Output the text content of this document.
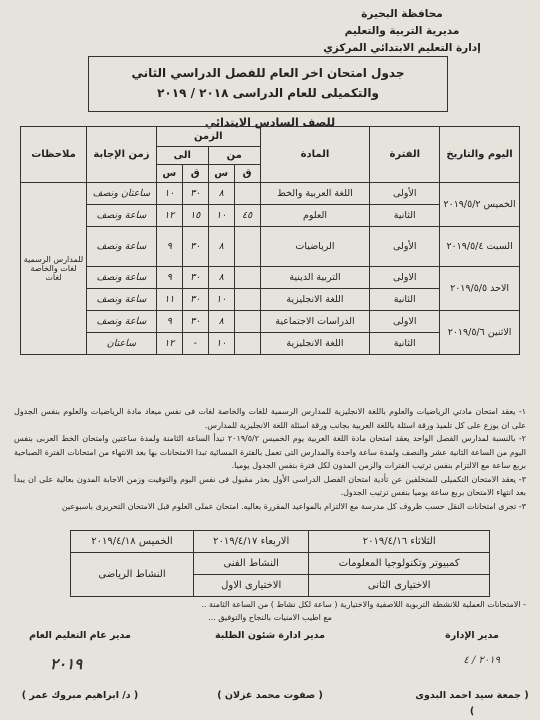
محافظة البحيرة
مديرية التربية والتعليم
إدارة التعليم الابتدائي المركزي
جدول امتحان اخر العام للفصل الدراسي الثاني
والتكميلى للعام الدراسى ٢٠١٨ / ٢٠١٩
للصف السادس الابتدائي
اليوم والتاريخ	الفترة	المادة	الزمن				زمن الإجابة	ملاحظات
			من		الى			
			ق	س	ق	س		
الخميس ٢٠١٩/٥/٢	الأولى	اللغة العربية والخط		٨	٣٠	١٠	ساعتان ونصف	للمدارس الرسمية لغات والخاصة لغات
	الثانية	العلوم	٤٥	١٠	١٥	١٢	ساعة ونصف	
السبت ٢٠١٩/٥/٤	الأولى	الرياضيات		٨	٣٠	٩	ساعة ونصف	
الاحد ٢٠١٩/٥/٥	الاولى	التربية الدينية		٨	٣٠	٩	ساعة ونصف	
	الثانية	اللغة الانجليزية		١٠	٣٠	١١	ساعة ونصف	
الاثنين ٢٠١٩/٥/٦	الاولى	الدراسات الاجتماعية		٨	٣٠	٩	ساعة ونصف	
	الثانية	اللغة الانجليزية		١٠	-	١٢	ساعتان	
١- يعقد امتحان مادتي الرياضيات والعلوم باللغة الانجليزية للمدارس الرسمية للغات والخاصة لغات فى نفس ميعاد مادة الرياضيات والعلوم بنفس الجدول على ان يوزع على كل تلميذ ورقة اسئلة باللغة العربية بجانب ورقة اسئلة اللغة الانجليزية للمدارس.
٢- بالنسبة لمدارس الفصل الواحد يعقد امتحان مادة اللغة العربية يوم الخميس ٢٠١٩/٥/٢ تبدأ الساعة الثامنة ولمدة ساعتين وامتحان الخط العربى بنفس اليوم من الساعة الثانية عشر والنصف ولمدة ساعة واحدة والمدارس التى تعمل بالفترة المسائية تبدا الامتحانات بها بعد الانتهاء من امتحانات الفترة الصباحية بربع ساعة مع الالتزام بنفس ترتيب الفترات والزمن المدون لكل فترة بنفس الجدول يوميا.
٣- يعقد الامتحان التكميلى للمتخلفين عن تأدية امتحان الفصل الدراسى الأول بعذر مقبول فى نفس اليوم والتوقيت وزمن الاجابة المدون بعالية على ان يبدأ بعد انتهاء الامتحان بربع ساعة يوميا بنفس ترتيب الجدول.
٣- تجرى امتحانات النقل حسب ظروف كل مدرسة مع الالتزام بالمواعيد المقررة بعاليه. امتحان عملى العلوم قبل الامتحان التحريرى باسبوعين
الثلاثاء ٢٠١٩/٤/١٦	الاربعاء ٢٠١٩/٤/١٧	الخميس ٢٠١٩/٤/١٨
كمبيوتر وتكنولوجيا المعلومات	النشاط الفنى	النشاط الرياضى
الاختيارى الثانى	الاختيارى الاول	
- الامتحانات العملية للانشطة التربوية اللاصفية والاختيارية ( ساعة لكل نشاط ) من الساعة الثامنة ..
مع اطيب الامنيات بالنجاح والتوفيق ...
٢٠١٩ / ٤
مدير الإدارة
( جمعة سيد احمد البدوى )
مدير ادارة شئون الطلبة
( صفوت محمد غزلان )
مدير عام التعليم العام
٢٠١٩
( د/ ابراهيم مبروك عمر )
